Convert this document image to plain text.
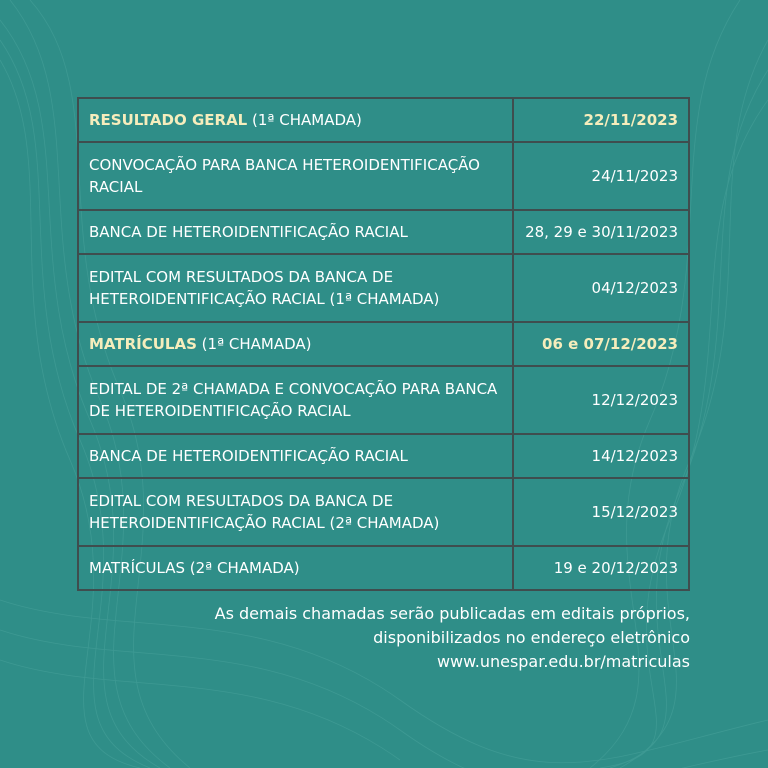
RESULTADO GERAL (1ª CHAMADA)	22/11/2023
CONVOCAÇÃO PARA BANCA HETEROIDENTIFICAÇÃO RACIAL	24/11/2023
BANCA DE HETEROIDENTIFICAÇÃO RACIAL	28, 29 e 30/11/2023
EDITAL COM RESULTADOS DA BANCA DE HETEROIDENTIFICAÇÃO RACIAL (1ª CHAMADA)	04/12/2023
MATRÍCULAS (1ª CHAMADA)	06 e 07/12/2023
EDITAL DE 2ª CHAMADA E CONVOCAÇÃO PARA BANCA DE HETEROIDENTIFICAÇÃO RACIAL	12/12/2023
BANCA DE HETEROIDENTIFICAÇÃO RACIAL	14/12/2023
EDITAL COM RESULTADOS DA BANCA DE HETEROIDENTIFICAÇÃO RACIAL (2ª CHAMADA)	15/12/2023
MATRÍCULAS (2ª CHAMADA)	19 e 20/12/2023
As demais chamadas serão publicadas em editais próprios,
disponibilizados no endereço eletrônico
www.unespar.edu.br/matriculas
